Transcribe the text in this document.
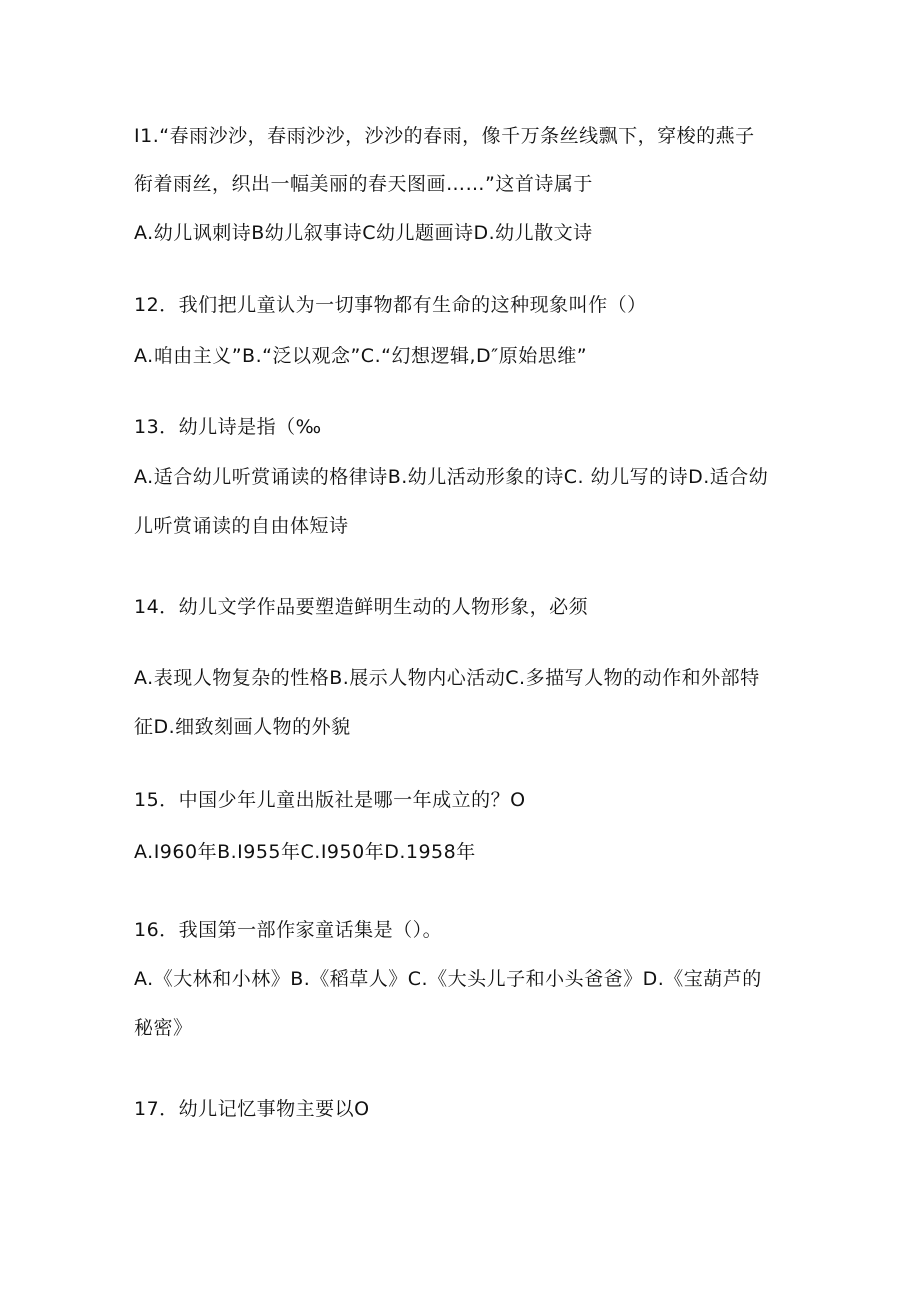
I1.“春雨沙沙，春雨沙沙，沙沙的春雨，像千万条丝线飘下，穿梭的燕子
衔着雨丝，织出一幅美丽的春天图画……”这首诗属于
A.幼儿讽刺诗B幼儿叙事诗C幼儿题画诗D.幼儿散文诗
12．我们把儿童认为一切事物都有生命的这种现象叫作（）
A.咱由主义”B.“泛以观念”C.“幻想逻辑,D″原始思维”
13．幼儿诗是指（‰
A.适合幼儿听赏诵读的格律诗B.幼儿活动形象的诗C. 幼儿写的诗D.适合幼
儿听赏诵读的自由体短诗
14．幼儿文学作品要塑造鲜明生动的人物形象，必须
A.表现人物复杂的性格B.展示人物内心活动C.多描写人物的动作和外部特
征D.细致刻画人物的外貌
15．中国少年儿童出版社是哪一年成立的？O
A.I960年B.I955年C.I950年D.1958年
16．我国第一部作家童话集是（）。
A.《大林和小林》B.《稻草人》C.《大头儿子和小头爸爸》D.《宝葫芦的
秘密》
17．幼儿记忆事物主要以O
